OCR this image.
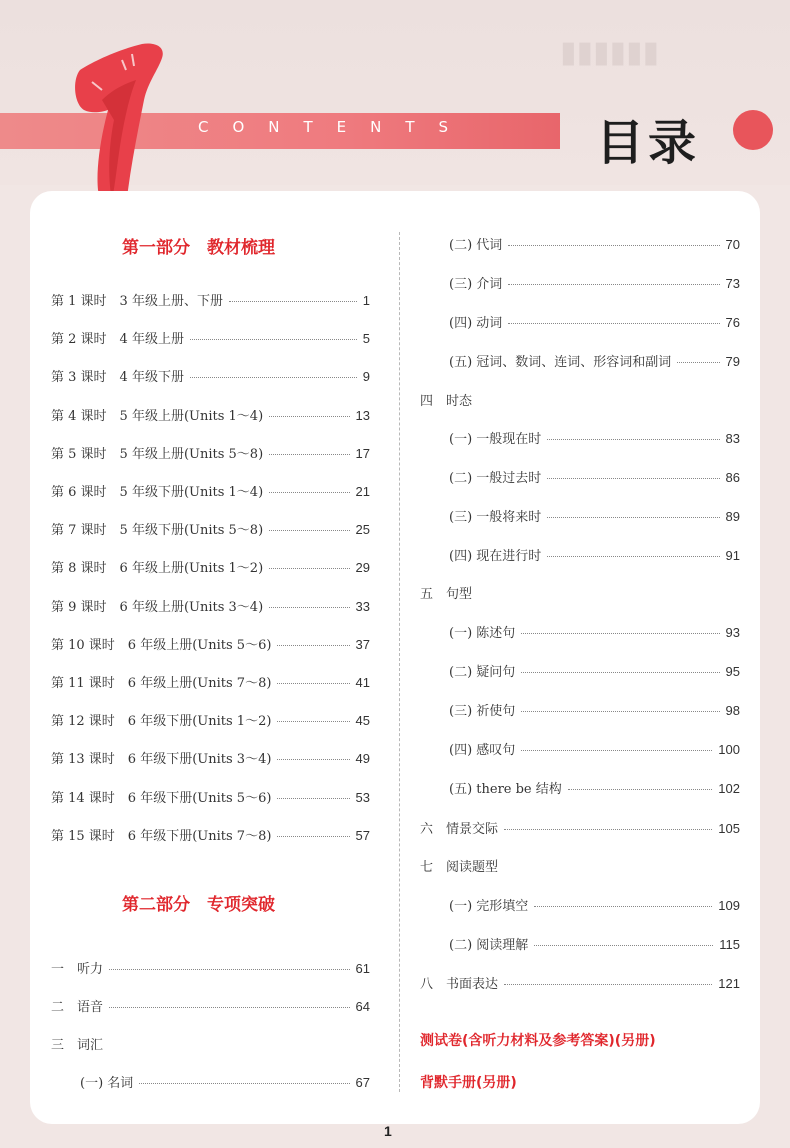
▮▮▮▮▮▮
CONTENTS	目录
第一部分　教材梳理
第 1 课时　3 年级上册、下册	1
第 2 课时　4 年级上册	5
第 3 课时　4 年级下册	9
第 4 课时　5 年级上册(Units 1～4)	13
第 5 课时　5 年级上册(Units 5～8)	17
第 6 课时　5 年级下册(Units 1～4)	21
第 7 课时　5 年级下册(Units 5～8)	25
第 8 课时　6 年级上册(Units 1～2)	29
第 9 课时　6 年级上册(Units 3～4)	33
第 10 课时　6 年级上册(Units 5～6)	37
第 11 课时　6 年级上册(Units 7～8)	41
第 12 课时　6 年级下册(Units 1～2)	45
第 13 课时　6 年级下册(Units 3～4)	49
第 14 课时　6 年级下册(Units 5～6)	53
第 15 课时　6 年级下册(Units 7～8)	57
第二部分　专项突破
一　听力	61
二　语音	64
三　词汇
(一) 名词	67
(二) 代词	70
(三) 介词	73
(四) 动词	76
(五) 冠词、数词、连词、形容词和副词	79
四　时态
(一) 一般现在时	83
(二) 一般过去时	86
(三) 一般将来时	89
(四) 现在进行时	91
五　句型
(一) 陈述句	93
(二) 疑问句	95
(三) 祈使句	98
(四) 感叹句	100
(五) there be 结构	102
六　情景交际	105
七　阅读题型
(一) 完形填空	109
(二) 阅读理解	115
八　书面表达	121
测试卷(含听力材料及参考答案)(另册)
背默手册(另册)
1
